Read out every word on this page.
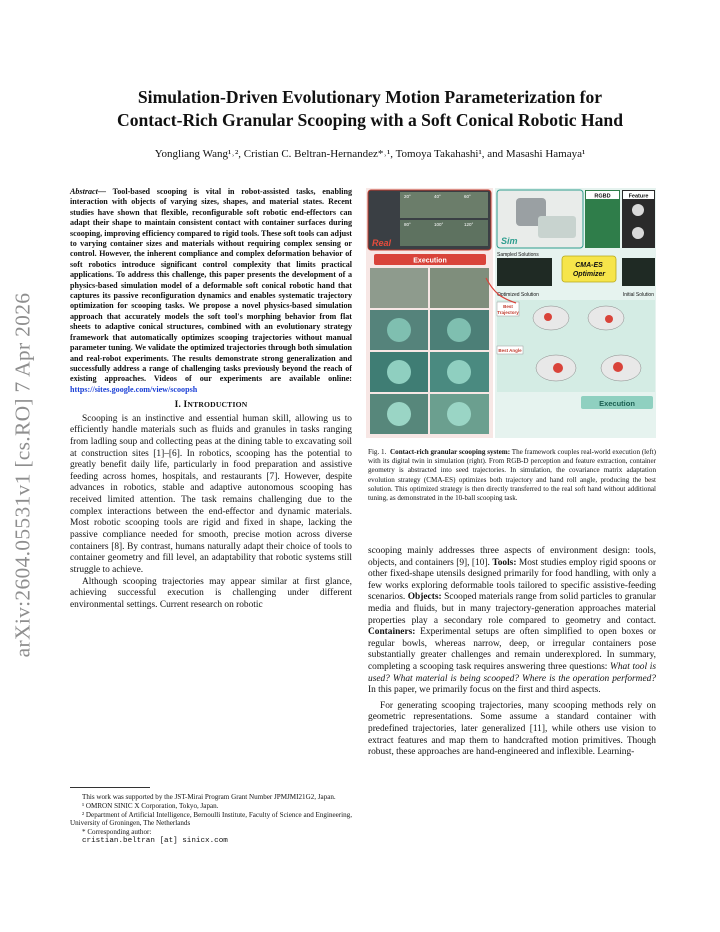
arXiv:2604.05531v1 [cs.RO] 7 Apr 2026
Simulation-Driven Evolutionary Motion Parameterization for
Contact-Rich Granular Scooping with a Soft Conical Robotic Hand
Yongliang Wang¹˒², Cristian C. Beltran-Hernandez*˒¹, Tomoya Takahashi¹, and Masashi Hamaya¹

Abstract— Tool-based scooping is vital in robot-assisted tasks, enabling interaction with objects of varying sizes, shapes, and material states. Recent studies have shown that flexible, reconfigurable soft robotic end-effectors can adapt their shape to maintain consistent contact with container surfaces during scooping, improving efficiency compared to rigid tools. These soft tools can adjust to varying container sizes and materials without requiring complex sensing or control. However, the inherent compliance and complex deformation behavior of soft robotics introduce significant control complexity that limits practical applications. To address this challenge, this paper presents the development of a physics-based simulation model of a deformable soft conical robotic hand that captures its passive reconfiguration dynamics and enables systematic trajectory optimization for scooping tasks. We propose a novel physics-based simulation approach that accurately models the soft tool's morphing behavior from flat sheets to adaptive conical structures, combined with an evolutionary strategy framework that automatically optimizes scooping trajectories without manual parameter tuning. We validate the optimized trajectories through both simulation and real-robot experiments. The results demonstrate strong generalization and successfully address a range of challenging tasks previously beyond the reach of existing approaches. Videos of our experiments are available online: https://sites.google.com/view/scoopsh

I. INTRODUCTION

Scooping is an instinctive and essential human skill, allowing us to efficiently handle materials such as fluids and granules in tasks ranging from ladling soup and collecting peas at the dining table to excavating soil at construction sites [1]–[6]. In robotics, scooping has the potential to greatly benefit daily life, particularly in food preparation and assistive feeding across homes, hospitals, and restaurants [7]. However, despite advances in robotics, stable and adaptive autonomous scooping has received limited attention. The task remains challenging due to the complex interactions between the end-effector and dynamic materials. Most robotic scooping tools are rigid and fixed in shape, lacking the passive compliance needed for smooth, precise motion across diverse containers [8]. By contrast, humans naturally adapt their choice of tools to container geometry and fill level, an adaptability that robotic systems still struggle to achieve.

Although scooping trajectories may appear similar at first glance, achieving successful execution is challenging under different environmental settings. Current research on robotic

This work was supported by the JST-Mirai Program Grant Number JPMJMI21G2, Japan.

¹ OMRON SINIC X Corporation, Tokyo, Japan.

² Department of Artificial Intelligence, Bernoulli Institute, Faculty of Science and Engineering, University of Groningen, The Netherlands

* Corresponding author:

cristian.beltran [at] sinicx.com

20°	40°	60°
80°	100°	120°
Real
Execution
Sim
RGBD	Feature
Sampled Solutions
CMA-ES
Optimizer
Optimized Solution	Initial Solution
Best
Trajectory
Best Angle
Execution

Fig. 1. Contact-rich granular scooping system: The framework couples real-world execution (left) with its digital twin in simulation (right). From RGB-D perception and feature extraction, container geometry is abstracted into seed trajectories. In simulation, the covariance matrix adaptation evolution strategy (CMA-ES) optimizes both trajectory and hand roll angle, producing the best solution. This optimized strategy is then directly transferred to the real soft hand without additional tuning, as demonstrated in the 10-ball scooping task.

scooping mainly addresses three aspects of environment design: tools, objects, and containers [9], [10]. Tools: Most studies employ rigid spoons or other fixed-shape utensils designed primarily for food handling, with only a few works exploring deformable tools tailored to specific assistive-feeding scenarios. Objects: Scooped materials range from solid particles to granular media and fluids, but in many trajectory-generation approaches material properties play a secondary role compared to geometry and contact. Containers: Experimental setups are often simplified to open boxes or regular bowls, whereas narrow, deep, or irregular containers pose substantially greater challenges and remain underexplored. In summary, completing a scooping task requires answering three questions: What tool is used? What material is being scooped? Where is the operation performed? In this paper, we primarily focus on the first and third aspects.

For generating scooping trajectories, many scooping methods rely on geometric representations. Some assume a standard container with predefined trajectories, later generalized [11], while others use vision to extract features and map them to handcrafted motion primitives. Though robust, these approaches are hand-engineered and inflexible. Learning-
